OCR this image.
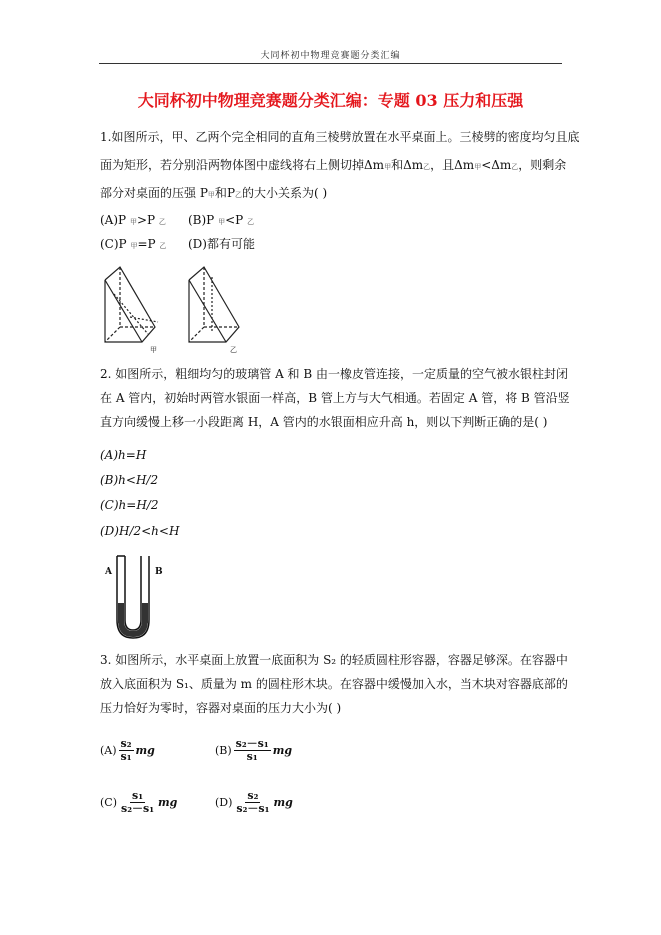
大同杯初中物理竞赛题分类汇编
大同杯初中物理竞赛题分类汇编：专题 03 压力和压强
1.如图所示，甲、乙两个完全相同的直角三棱劈放置在水平桌面上。三棱劈的密度均匀且底
面为矩形，若分别沿两物体图中虚线将右上侧切掉Δm甲和Δm乙，且Δm甲<Δm乙，则剩余
部分对桌面的压强 P甲和P乙的大小关系为( )
(A)P 甲>P 乙 (B)P 甲<P 乙
(C)P 甲=P 乙 (D)都有可能
甲	乙

2. 如图所示，粗细均匀的玻璃管 A 和 B 由一橡皮管连接，一定质量的空气被水银柱封闭在 A 管内，初始时两管水银面一样高，B 管上方与大气相通。若固定 A 管，将 B 管沿竖直方向缓慢上移一小段距离 H，A 管内的水银面相应升高 h，则以下判断正确的是( )

(A)h=H
(B)h<H/2
(C)h=H/2
(D)H/2<h<H
A	B

3. 如图所示，水平桌面上放置一底面积为 S₂ 的轻质圆柱形容器，容器足够深。在容器中放入底面积为 S₁、质量为 m 的圆柱形木块。在容器中缓慢加入水，当木块对容器底部的压力恰好为零时，容器对桌面的压力大小为( )

$(A) \frac{\text{s₂}}{\text{s₁}}$ mg	$(B) \frac{\text{s₂－s₁}}{\text{s₁}}$ mg
$(C) \frac{\text{s₁}}{\text{s₂－s₁}}$ mg	$(D) \frac{\text{s₂}}{\text{s₂－s₁}}$ mg
